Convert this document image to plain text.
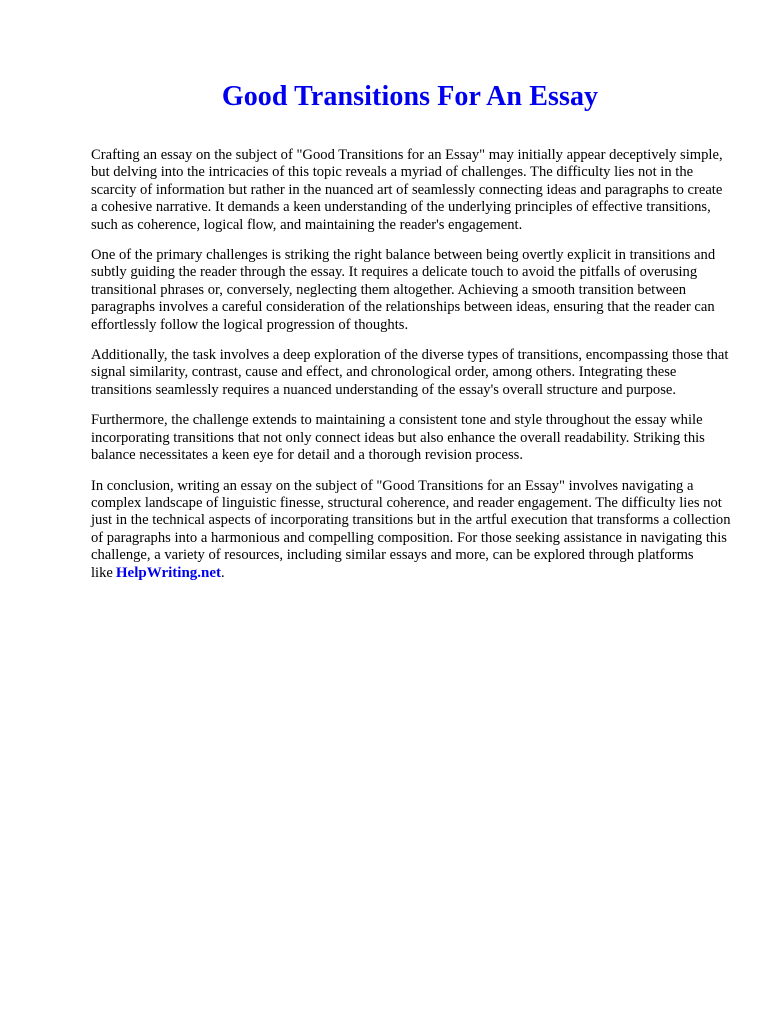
Good Transitions For An Essay

Crafting an essay on the subject of "Good Transitions for an Essay" may initially appear deceptively simple, but delving into the intricacies of this topic reveals a myriad of challenges. The difficulty lies not in the scarcity of information but rather in the nuanced art of seamlessly connecting ideas and paragraphs to create a cohesive narrative. It demands a keen understanding of the underlying principles of effective transitions, such as coherence, logical flow, and maintaining the reader's engagement.

One of the primary challenges is striking the right balance between being overtly explicit in transitions and subtly guiding the reader through the essay. It requires a delicate touch to avoid the pitfalls of overusing transitional phrases or, conversely, neglecting them altogether. Achieving a smooth transition between paragraphs involves a careful consideration of the relationships between ideas, ensuring that the reader can effortlessly follow the logical progression of thoughts.

Additionally, the task involves a deep exploration of the diverse types of transitions, encompassing those that signal similarity, contrast, cause and effect, and chronological order, among others. Integrating these transitions seamlessly requires a nuanced understanding of the essay's overall structure and purpose.

Furthermore, the challenge extends to maintaining a consistent tone and style throughout the essay while incorporating transitions that not only connect ideas but also enhance the overall readability. Striking this balance necessitates a keen eye for detail and a thorough revision process.

In conclusion, writing an essay on the subject of "Good Transitions for an Essay" involves navigating a complex landscape of linguistic finesse, structural coherence, and reader engagement. The difficulty lies not just in the technical aspects of incorporating transitions but in the artful execution that transforms a collection of paragraphs into a harmonious and compelling composition. For those seeking assistance in navigating this challenge, a variety of resources, including similar essays and more, can be explored through platforms like HelpWriting.net.
